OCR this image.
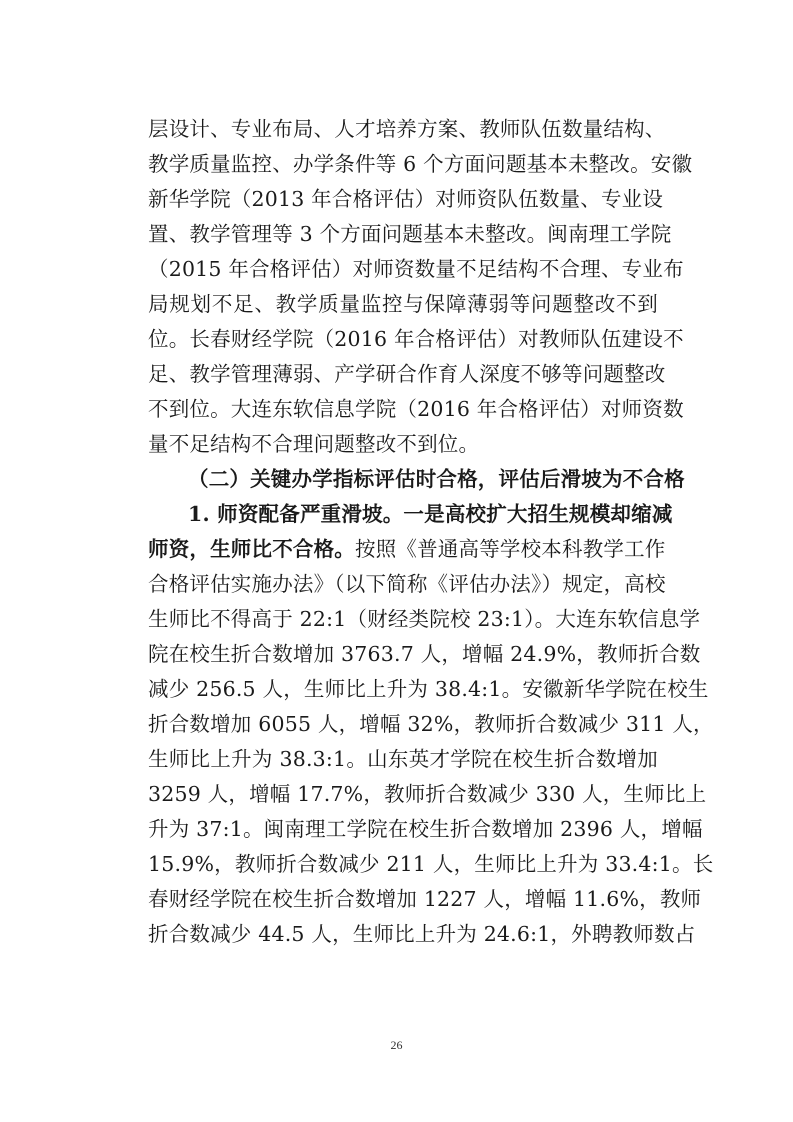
层设计、专业布局、人才培养方案、教师队伍数量结构、
教学质量监控、办学条件等 6 个方面问题基本未整改。安徽
新华学院（2013 年合格评估）对师资队伍数量、专业设
置、教学管理等 3 个方面问题基本未整改。闽南理工学院
（2015 年合格评估）对师资数量不足结构不合理、专业布
局规划不足、教学质量监控与保障薄弱等问题整改不到
位。长春财经学院（2016 年合格评估）对教师队伍建设不
足、教学管理薄弱、产学研合作育人深度不够等问题整改
不到位。大连东软信息学院（2016 年合格评估）对师资数
量不足结构不合理问题整改不到位。
（二）关键办学指标评估时合格，评估后滑坡为不合格
1. 师资配备严重滑坡。一是高校扩大招生规模却缩减
师资，生师比不合格。按照《普通高等学校本科教学工作
合格评估实施办法》（以下简称《评估办法》）规定，高校
生师比不得高于 22:1（财经类院校 23:1）。大连东软信息学
院在校生折合数增加 3763.7 人，增幅 24.9%，教师折合数
减少 256.5 人，生师比上升为 38.4:1。安徽新华学院在校生
折合数增加 6055 人，增幅 32%，教师折合数减少 311 人，
生师比上升为 38.3:1。山东英才学院在校生折合数增加
3259 人，增幅 17.7%，教师折合数减少 330 人，生师比上
升为 37:1。闽南理工学院在校生折合数增加 2396 人，增幅
15.9%，教师折合数减少 211 人，生师比上升为 33.4:1。长
春财经学院在校生折合数增加 1227 人，增幅 11.6%，教师
折合数减少 44.5 人，生师比上升为 24.6:1，外聘教师数占
26
